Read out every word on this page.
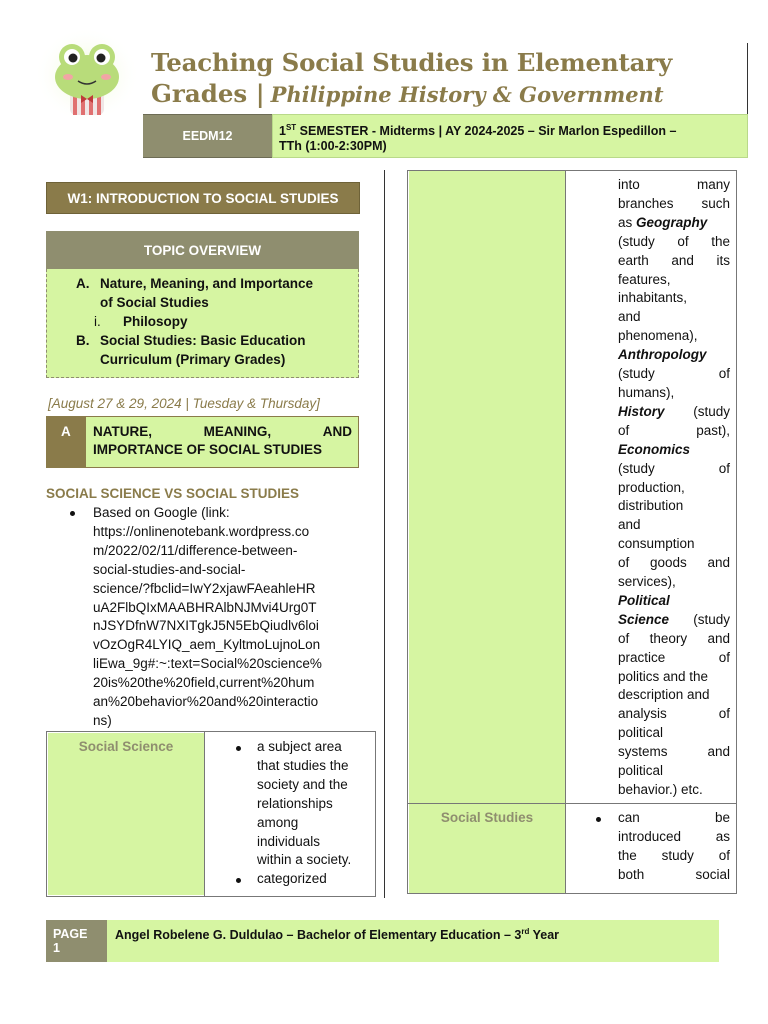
Teaching Social Studies in Elementary
Grades | Philippine History & Government
EEDM12	1ST SEMESTER - Midterms | AY 2024-2025 – Sir Marlon Espedillon –
TTh (1:00-2:30PM)
W1: INTRODUCTION TO SOCIAL STUDIES
TOPIC OVERVIEW
A. Nature, Meaning, and Importance
of Social Studies
i. Philosopy
B. Social Studies: Basic Education
Curriculum (Primary Grades)
[August 27 & 29, 2024 | Tuesday & Thursday]
A	NATURE,	MEANING,	AND
IMPORTANCE OF SOCIAL STUDIES
SOCIAL SCIENCE VS SOCIAL STUDIES
Based on Google (link:
https://onlinenotebank.wordpress.co
m/2022/02/11/difference-between-
social-studies-and-social-
science/?fbclid=IwY2xjawFAeahleHR
uA2FlbQIxMAABHRAlbNJMvi4Urg0T
nJSYDfnW7NXITgkJ5N5EbQiudlv6loi
vOzOgR4LYIQ_aem_KyltmoLujnoLon
liEwa_9g#:~:text=Social%20science%
20is%20the%20field,current%20hum
an%20behavior%20and%20interactio
ns)
Social Science	a subject area
that studies the
society and the
relationships
among
individuals
within a society.
categorized
into	many
branches such
as Geography
(study of the
earth and its
features,
inhabitants,
and
phenomena),
Anthropology
(study	of
humans),
History (study
of	past),
Economics
(study	of
production,
distribution
and
consumption
of goods and
services),
Political
Science (study
of theory and
practice	of
politics and the
description and
analysis	of
political
systems	and
political
behavior.) etc.
Social Studies	can	be
introduced	as
the study of
both	social
PAGE
1
Angel Robelene G. Duldulao – Bachelor of Elementary Education – 3rd Year
